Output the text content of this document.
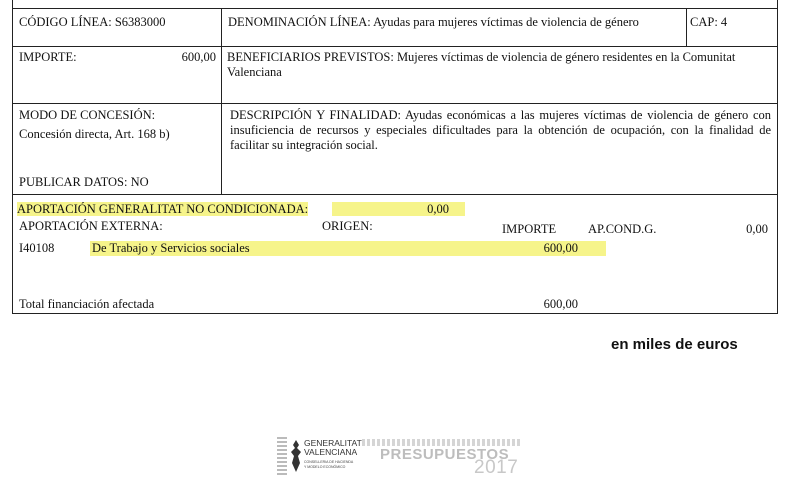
CÓDIGO LÍNEA: S6383000	DENOMINACIÓN LÍNEA: Ayudas para mujeres víctimas de violencia de género	CAP: 4
IMPORTE:	600,00 BENEFICIARIOS PREVISTOS: Mujeres víctimas de violencia de género residentes en la Comunitat Valenciana
MODO DE CONCESIÓN:
Concesión directa, Art. 168 b)
PUBLICAR DATOS: NO
DESCRIPCIÓN Y FINALIDAD: Ayudas económicas a las mujeres víctimas de violencia de género con insuficiencia de recursos y especiales dificultades para la obtención de ocupación, con la finalidad de facilitar su integración social.
APORTACIÓN GENERALITAT NO CONDICIONADA:	0,00
APORTACIÓN EXTERNA:	ORIGEN:	IMPORTE	AP.COND.G.	0,00
I40108	De Trabajo y Servicios sociales	600,00
Total financiación afectada	600,00
en miles de euros
GENERALITAT
VALENCIANA
CONSELLERIA DE HACIENDA Y MODELO ECONÓMICO
PRESUPUESTOS
2017
